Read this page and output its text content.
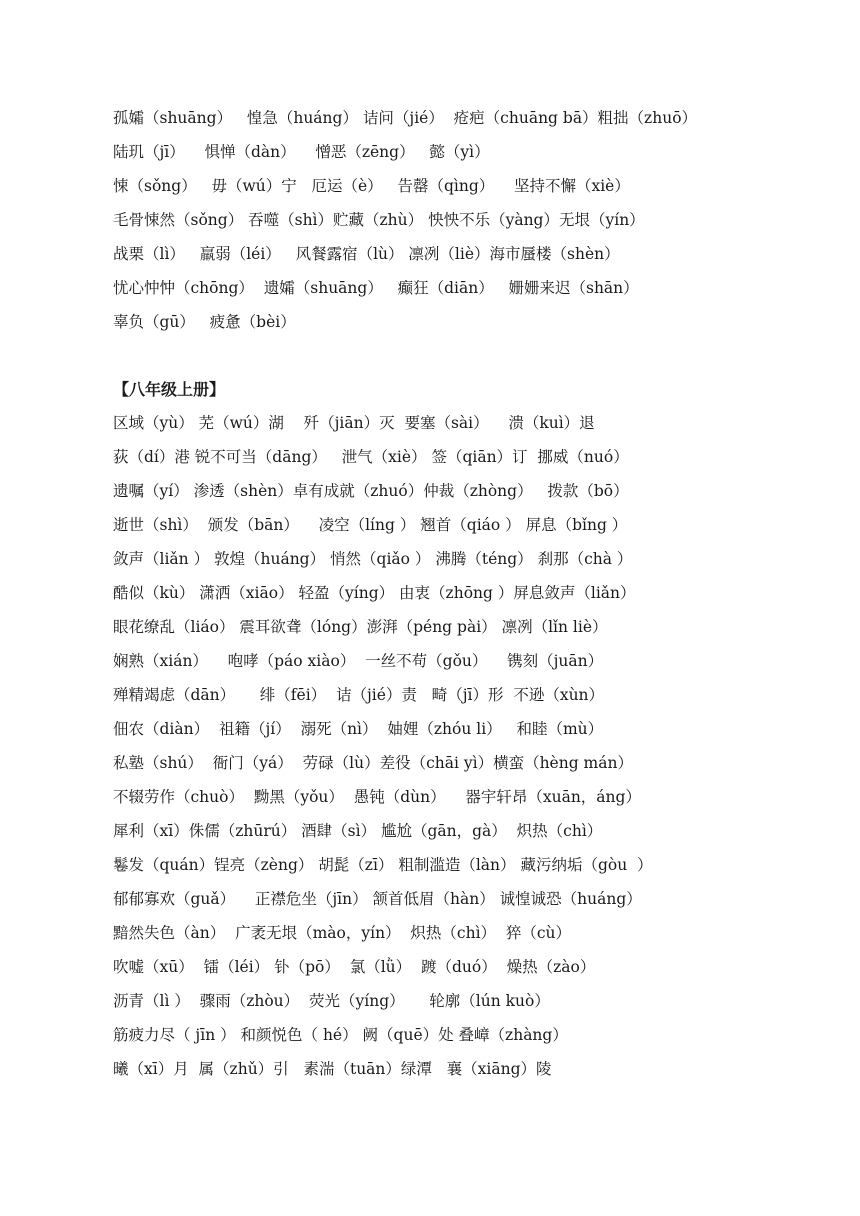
孤孀（shuāng）   惶急（huáng） 诘问（jié）  疮疤（chuāng bā）粗拙（zhuō）
陆玑（jī）    惧惮（dàn）    憎恶（zēng）   懿（yì）
悚（sǒng）   毋（wú）宁   厄运（è）   告罄（qìng）    坚持不懈（xiè）
毛骨悚然（sǒng） 吞噬（shì）贮藏（zhù） 怏怏不乐（yàng）无垠（yín）
战栗（lì）   羸弱（léi）   风餐露宿（lù） 凛冽（liè）海市蜃楼（shèn）
忧心忡忡（chōng）  遗孀（shuāng）   癫狂（diān）   姗姗来迟（shān）
辜负（gū）   疲惫（bèi）
【八年级上册】
区域（yù） 芜（wú）湖    歼（jiān）灭  要塞（sài）    溃（kuì）退
荻（dí）港 锐不可当（dāng）   泄气（xiè） 签（qiān）订  挪威（nuó）
遗嘱（yí） 渗透（shèn）卓有成就（zhuó）仲裁（zhòng）   拨款（bō）
逝世（shì）  颁发（bān）    凌空（líng ） 翘首（qiáo ） 屏息（bǐng ）
敛声（liǎn ） 敦煌（huáng） 悄然（qiǎo ） 沸腾（téng） 刹那（chà ）
酷似（kù） 潇洒（xiāo） 轻盈（yíng） 由衷（zhōng ）屏息敛声（liǎn）
眼花缭乱（liáo） 震耳欲聋（lóng）澎湃（péng pài） 凛冽（lǐn liè）
娴熟（xián）    咆哮（páo xiào）  一丝不苟（gǒu）    镌刻（juān）
殚精竭虑（dān）     绯（fēi）  诘（jié）责   畸（jī）形  不逊（xùn）
佃农（diàn）  祖籍（jí）  溺死（nì）  妯娌（zhóu li）   和睦（mù）
私塾（shú）  衙门（yá）  劳碌（lù）差役（chāi yì）横蛮（hèng mán）
不辍劳作（chuò）  黝黑（yǒu）  愚钝（dùn）    器宇轩昂（xuān，áng）
犀利（xī）侏儒（zhūrú） 酒肆（sì） 尴尬（gān，gà）  炽热（chì）
鬈发（quán）锃亮（zèng） 胡髭（zī） 粗制滥造（làn） 藏污纳垢（gòu  ）
郁郁寡欢（guǎ）    正襟危坐（jīn） 颔首低眉（hàn） 诚惶诚恐（huáng）
黯然失色（àn）  广袤无垠（mào，yín）  炽热（chì）  猝（cù）
吹嘘（xū）  镭（léi） 钋（pō）  氯（lǜ）  踱（duó）  燥热（zào）
沥青（lì ）  骤雨（zhòu）  荧光（yíng）     轮廓（lún kuò）
筋疲力尽（ jīn ） 和颜悦色（ hé） 阙（quē）处 叠嶂（zhàng）
曦（xī）月  属（zhǔ）引   素湍（tuān）绿潭   襄（xiāng）陵
